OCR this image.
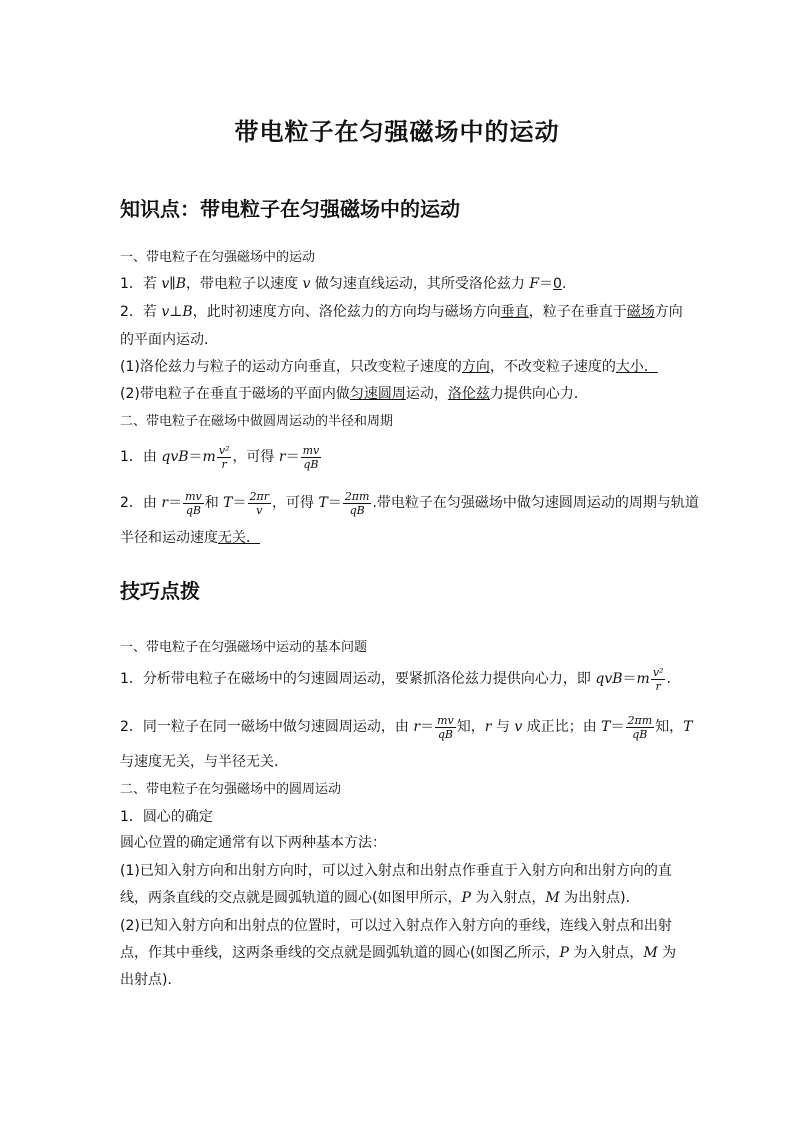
带电粒子在匀强磁场中的运动
知识点：带电粒子在匀强磁场中的运动
一、带电粒子在匀强磁场中的运动
1．若 v∥B，带电粒子以速度 v 做匀速直线运动，其所受洛伦兹力 F＝0.
2．若 v⊥B，此时初速度方向、洛伦兹力的方向均与磁场方向垂直，粒子在垂直于磁场方向
的平面内运动．
(1)洛伦兹力与粒子的运动方向垂直，只改变粒子速度的方向，不改变粒子速度的大小．
(2)带电粒子在垂直于磁场的平面内做匀速圆周运动，洛伦兹力提供向心力．
二、带电粒子在磁场中做圆周运动的半径和周期
1．由 $qvB=m \frac{\text{v²}}{r}$ ，可得 $r= \frac{mv}{qB}$
2．由 $r= \frac{mv}{qB}$ 和 $T= \frac{2\pi r}{v}$ ，可得 $T= \frac{2\pi m}{qB}$ .带电粒子在匀强磁场中做匀速圆周运动的周期与轨道
半径和运动速度无关．
技巧点拨
一、带电粒子在匀强磁场中运动的基本问题
1．分析带电粒子在磁场中的匀速圆周运动，要紧抓洛伦兹力提供向心力，即 $qvB=m \frac{\text{v²}}{r}$ .
2．同一粒子在同一磁场中做匀速圆周运动，由 $r= \frac{mv}{qB}$ 知，r 与 v 成正比；由 $T= \frac{2\pi m}{qB}$ 知，T
与速度无关，与半径无关．
二、带电粒子在匀强磁场中的圆周运动
1．圆心的确定
圆心位置的确定通常有以下两种基本方法：
(1)已知入射方向和出射方向时，可以过入射点和出射点作垂直于入射方向和出射方向的直
线，两条直线的交点就是圆弧轨道的圆心(如图甲所示，P 为入射点，M 为出射点)．
(2)已知入射方向和出射点的位置时，可以过入射点作入射方向的垂线，连线入射点和出射
点，作其中垂线，这两条垂线的交点就是圆弧轨道的圆心(如图乙所示，P 为入射点，M 为
出射点)．
